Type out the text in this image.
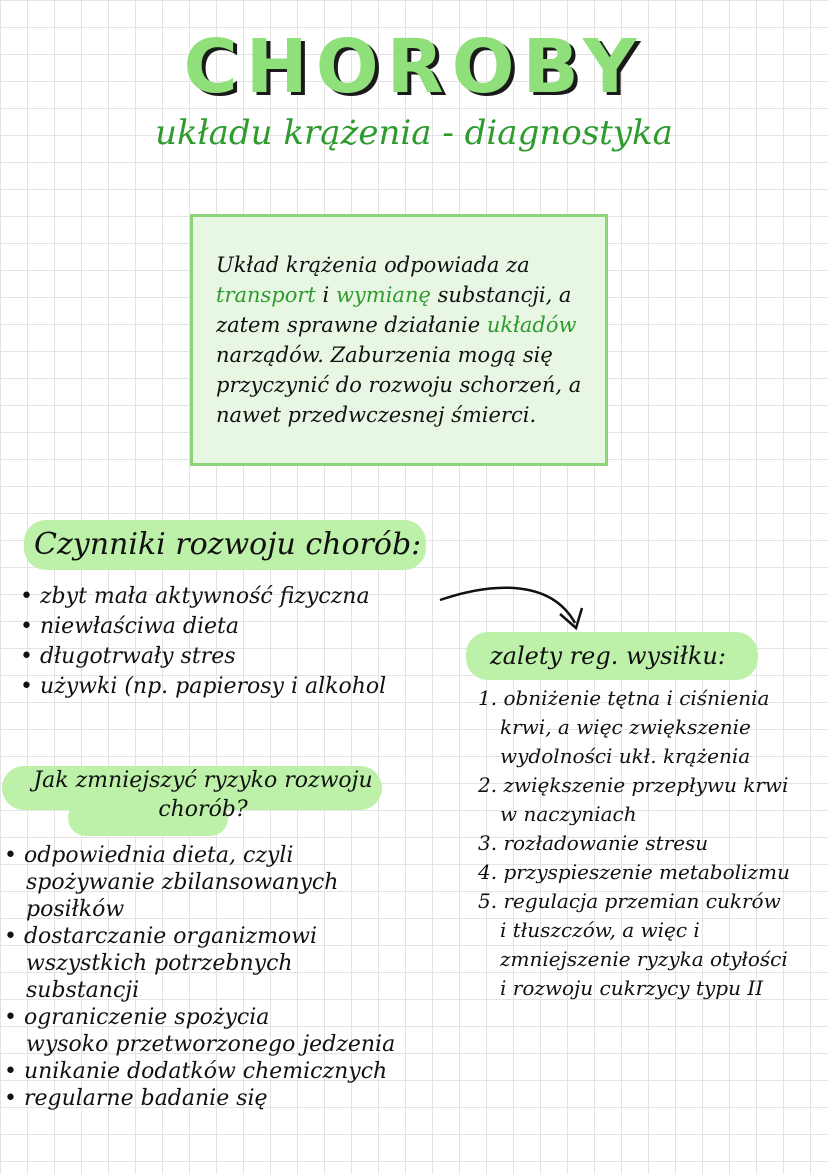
CHOROBY
układu krążenia - diagnostyka
Układ krążenia odpowiada za transport i wymianę substancji, a zatem sprawne działanie układów narządów. Zaburzenia mogą się przyczynić do rozwoju schorzeń, a nawet przedwczesnej śmierci.
Czynniki rozwoju chorób:
• zbyt mała aktywność fizyczna
• niewłaściwa dieta
• długotrwały stres
• używki (np. papierosy i alkohol
Jak zmniejszyć ryzyko rozwoju chorób?
• odpowiednia dieta, czyli
spożywanie zbilansowanych
posiłków
• dostarczanie organizmowi
wszystkich potrzebnych
substancji
• ograniczenie spożycia
wysoko przetworzonego jedzenia
• unikanie dodatków chemicznych
• regularne badanie się
zalety reg. wysiłku:
1. obniżenie tętna i ciśnienia
krwi, a więc zwiększenie
wydolności ukł. krążenia
2. zwiększenie przepływu krwi
w naczyniach
3. rozładowanie stresu
4. przyspieszenie metabolizmu
5. regulacja przemian cukrów
i tłuszczów, a więc i
zmniejszenie ryzyka otyłości
i rozwoju cukrzycy typu II
